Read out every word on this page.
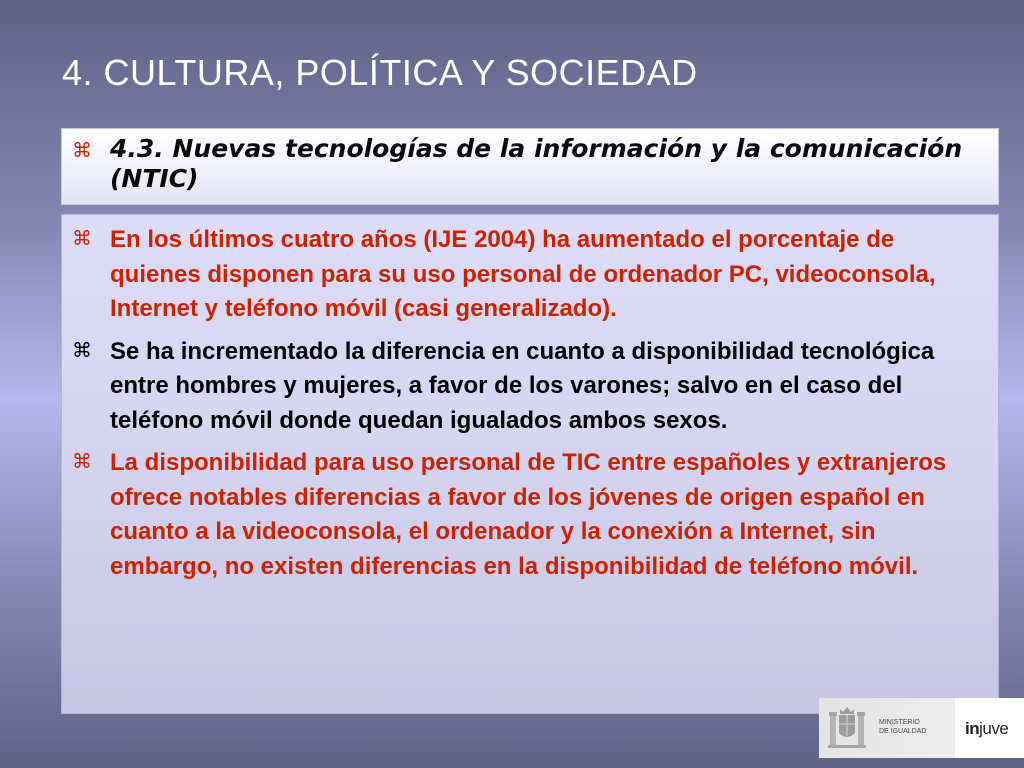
4. CULTURA, POLÍTICA Y SOCIEDAD
⌘ 4.3. Nuevas tecnologías de la información y la comunicación (NTIC)
⌘ En los últimos cuatro años (IJE 2004) ha aumentado el porcentaje de quienes disponen para su uso personal de ordenador PC, videoconsola, Internet y teléfono móvil (casi generalizado).
⌘ Se ha incrementado la diferencia en cuanto a disponibilidad tecnológica entre hombres y mujeres, a favor de los varones; salvo en el caso del teléfono móvil donde quedan igualados ambos sexos.
⌘ La disponibilidad para uso personal de TIC entre españoles y extranjeros ofrece notables diferencias a favor de los jóvenes de origen español en cuanto a la videoconsola, el ordenador y la conexión a Internet, sin embargo, no existen diferencias en la disponibilidad de teléfono móvil.
MINISTERIO
DE IGUALDAD injuve
